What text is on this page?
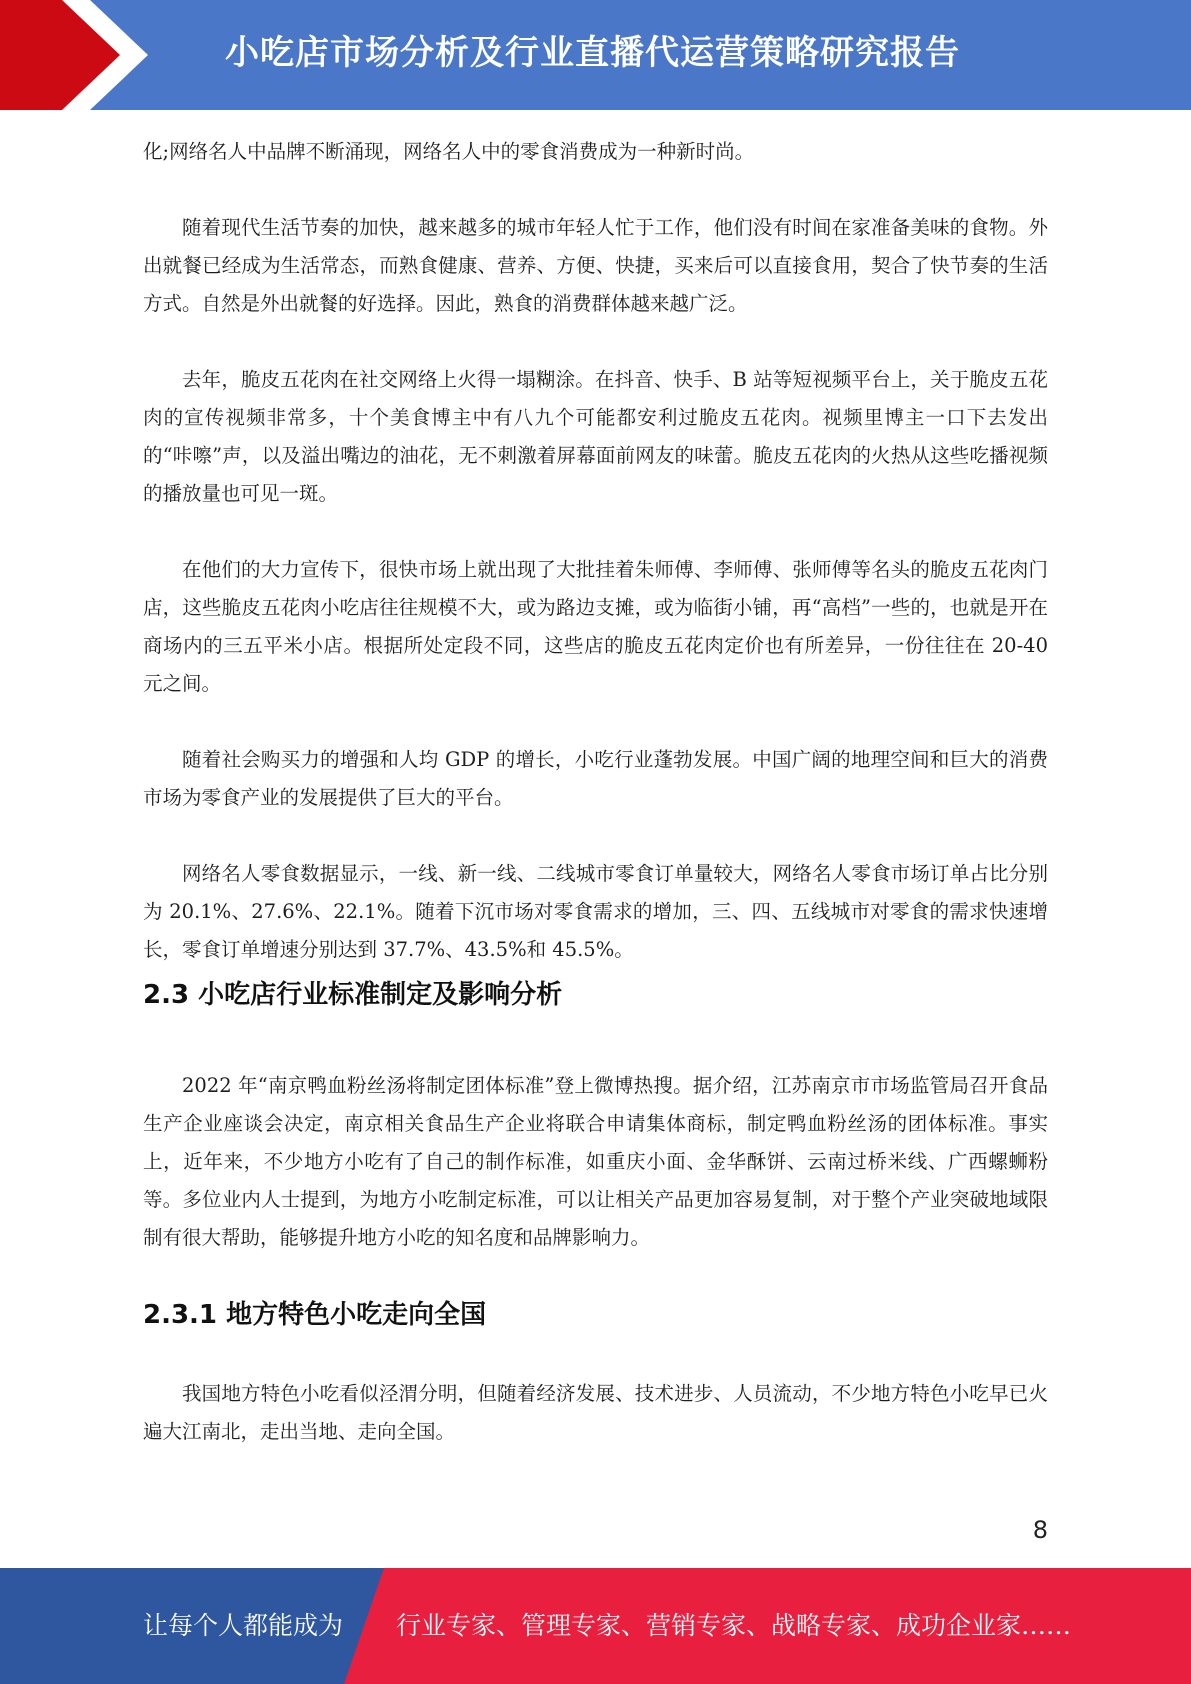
小吃店市场分析及行业直播代运营策略研究报告

化;网络名人中品牌不断涌现，网络名人中的零食消费成为一种新时尚。

随着现代生活节奏的加快，越来越多的城市年轻人忙于工作，他们没有时间在家准备美味的食物。外出就餐已经成为生活常态，而熟食健康、营养、方便、快捷，买来后可以直接食用，契合了快节奏的生活方式。自然是外出就餐的好选择。因此，熟食的消费群体越来越广泛。

去年，脆皮五花肉在社交网络上火得一塌糊涂。在抖音、快手、B 站等短视频平台上，关于脆皮五花肉的宣传视频非常多，十个美食博主中有八九个可能都安利过脆皮五花肉。视频里博主一口下去发出的“咔嚓”声，以及溢出嘴边的油花，无不刺激着屏幕面前网友的味蕾。脆皮五花肉的火热从这些吃播视频的播放量也可见一斑。

在他们的大力宣传下，很快市场上就出现了大批挂着朱师傅、李师傅、张师傅等名头的脆皮五花肉门店，这些脆皮五花肉小吃店往往规模不大，或为路边支摊，或为临街小铺，再“高档”一些的，也就是开在商场内的三五平米小店。根据所处定段不同，这些店的脆皮五花肉定价也有所差异，一份往往在 20-40 元之间。

随着社会购买力的增强和人均 GDP 的增长，小吃行业蓬勃发展。中国广阔的地理空间和巨大的消费市场为零食产业的发展提供了巨大的平台。

网络名人零食数据显示，一线、新一线、二线城市零食订单量较大，网络名人零食市场订单占比分别为 20.1%、27.6%、22.1%。随着下沉市场对零食需求的增加，三、四、五线城市对零食的需求快速增长，零食订单增速分别达到 37.7%、43.5%和 45.5%。

2.3 小吃店行业标准制定及影响分析

2022 年“南京鸭血粉丝汤将制定团体标准”登上微博热搜。据介绍，江苏南京市市场监管局召开食品生产企业座谈会决定，南京相关食品生产企业将联合申请集体商标，制定鸭血粉丝汤的团体标准。事实上，近年来，不少地方小吃有了自己的制作标准，如重庆小面、金华酥饼、云南过桥米线、广西螺蛳粉等。多位业内人士提到，为地方小吃制定标准，可以让相关产品更加容易复制，对于整个产业突破地域限制有很大帮助，能够提升地方小吃的知名度和品牌影响力。

2.3.1 地方特色小吃走向全国

我国地方特色小吃看似泾渭分明，但随着经济发展、技术进步、人员流动，不少地方特色小吃早已火遍大江南北，走出当地、走向全国。

8
让每个人都能成为 行业专家、管理专家、营销专家、战略专家、成功企业家……
